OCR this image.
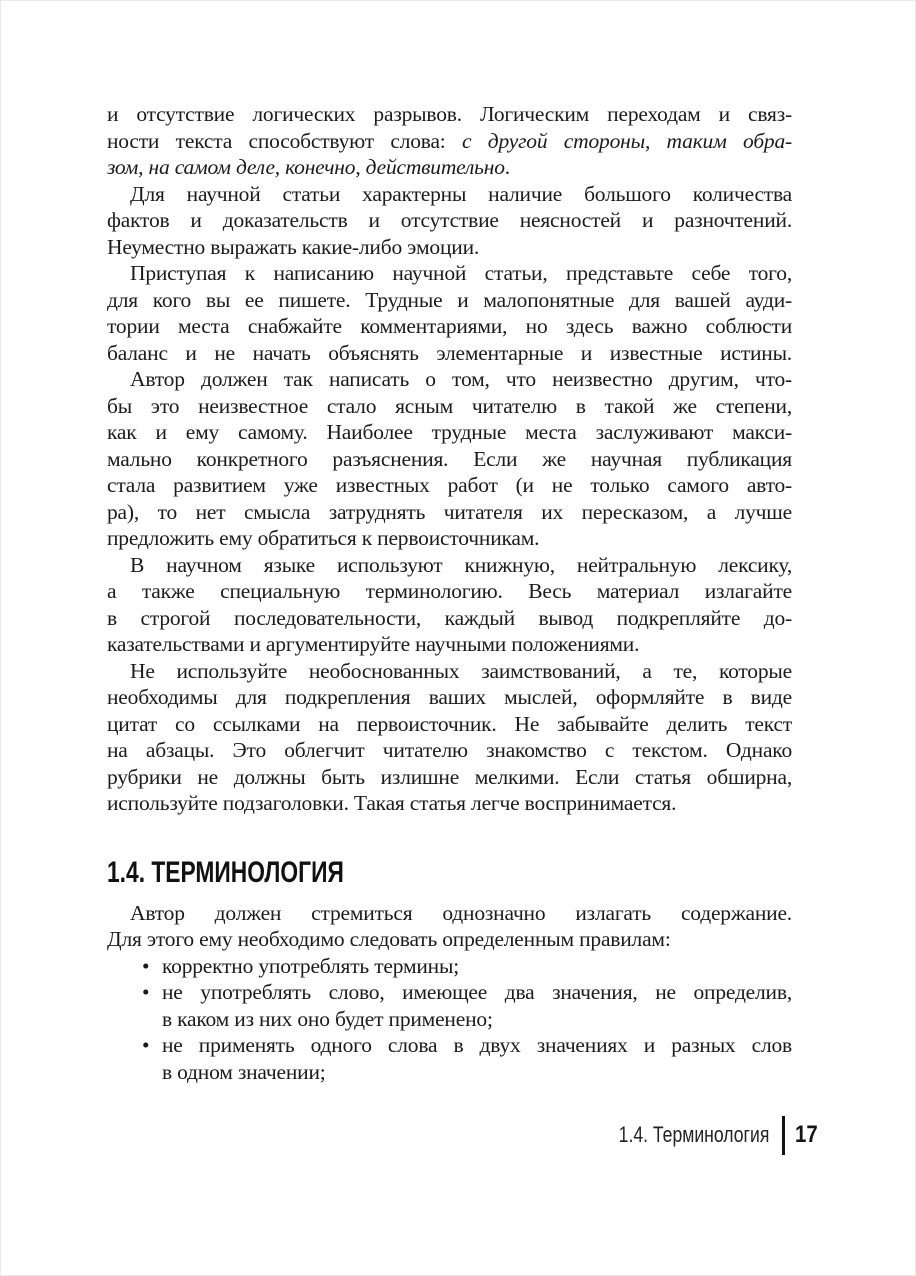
и отсутствие логических разрывов. Логическим переходам и связ-
ности текста способствуют слова: с другой стороны, таким обра-
зом, на самом деле, конечно, действительно.
Для научной статьи характерны наличие большого количества
фактов и доказательств и отсутствие неясностей и разночтений.
Неуместно выражать какие-либо эмоции.
Приступая к написанию научной статьи, представьте себе того,
для кого вы ее пишете. Трудные и малопонятные для вашей ауди-
тории места снабжайте комментариями, но здесь важно соблюсти
баланс и не начать объяснять элементарные и известные истины.
Автор должен так написать о том, что неизвестно другим, что-
бы это неизвестное стало ясным читателю в такой же степени,
как и ему самому. Наиболее трудные места заслуживают макси-
мально конкретного разъяснения. Если же научная публикация
стала развитием уже известных работ (и не только самого авто-
ра), то нет смысла затруднять читателя их пересказом, а лучше
предложить ему обратиться к первоисточникам.
В научном языке используют книжную, нейтральную лексику,
а также специальную терминологию. Весь материал излагайте
в строгой последовательности, каждый вывод подкрепляйте до-
казательствами и аргументируйте научными положениями.
Не используйте необоснованных заимствований, а те, которые
необходимы для подкрепления ваших мыслей, оформляйте в виде
цитат со ссылками на первоисточник. Не забывайте делить текст
на абзацы. Это облегчит читателю знакомство с текстом. Однако
рубрики не должны быть излишне мелкими. Если статья обширна,
используйте подзаголовки. Такая статья легче воспринимается.
1.4. ТЕРМИНОЛОГИЯ
Автор должен стремиться однозначно излагать содержание.
Для этого ему необходимо следовать определенным правилам:
• корректно употреблять термины;
• не употреблять слово, имеющее два значения, не определив,
в каком из них оно будет применено;
• не применять одного слова в двух значениях и разных слов
в одном значении;
1.4. Терминология 17
